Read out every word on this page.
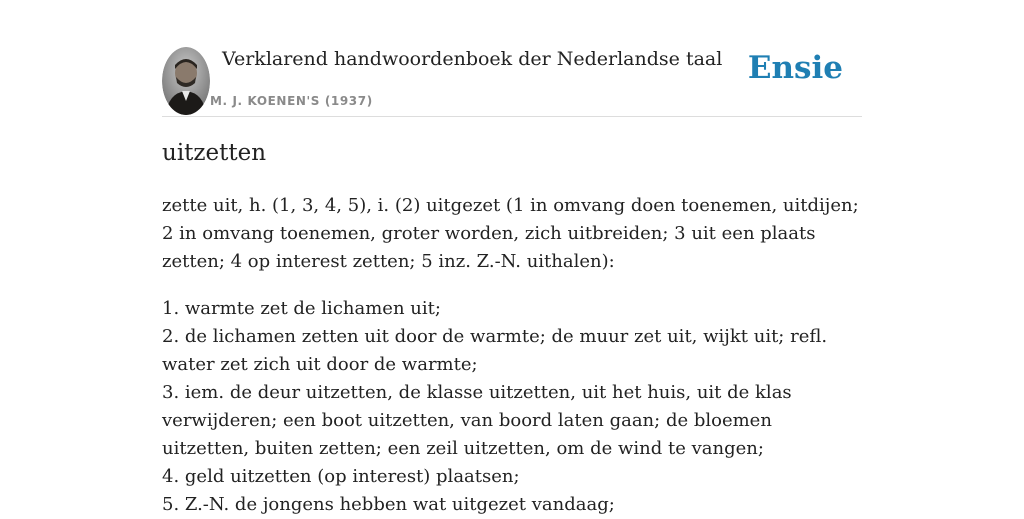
Verklarend handwoordenboek der Nederlandse taal
M. J. KOENEN'S (1937)
Ensie
uitzetten

zette uit, h. (1, 3, 4, 5), i. (2) uitgezet (1 in omvang doen toenemen, uitdijen; 2 in omvang toenemen, groter worden, zich uitbreiden; 3 uit een plaats zetten; 4 op interest zetten; 5 inz. Z.-N. uithalen):

1. warmte zet de lichamen uit;

2. de lichamen zetten uit door de warmte; de muur zet uit, wijkt uit; refl. water zet zich uit door de warmte;

3. iem. de deur uitzetten, de klasse uitzetten, uit het huis, uit de klas verwijderen; een boot uitzetten, van boord laten gaan; de bloemen uitzetten, buiten zetten; een zeil uitzetten, om de wind te vangen;

4. geld uitzetten (op interest) plaatsen;

5. Z.-N. de jongens hebben wat uitgezet vandaag;
